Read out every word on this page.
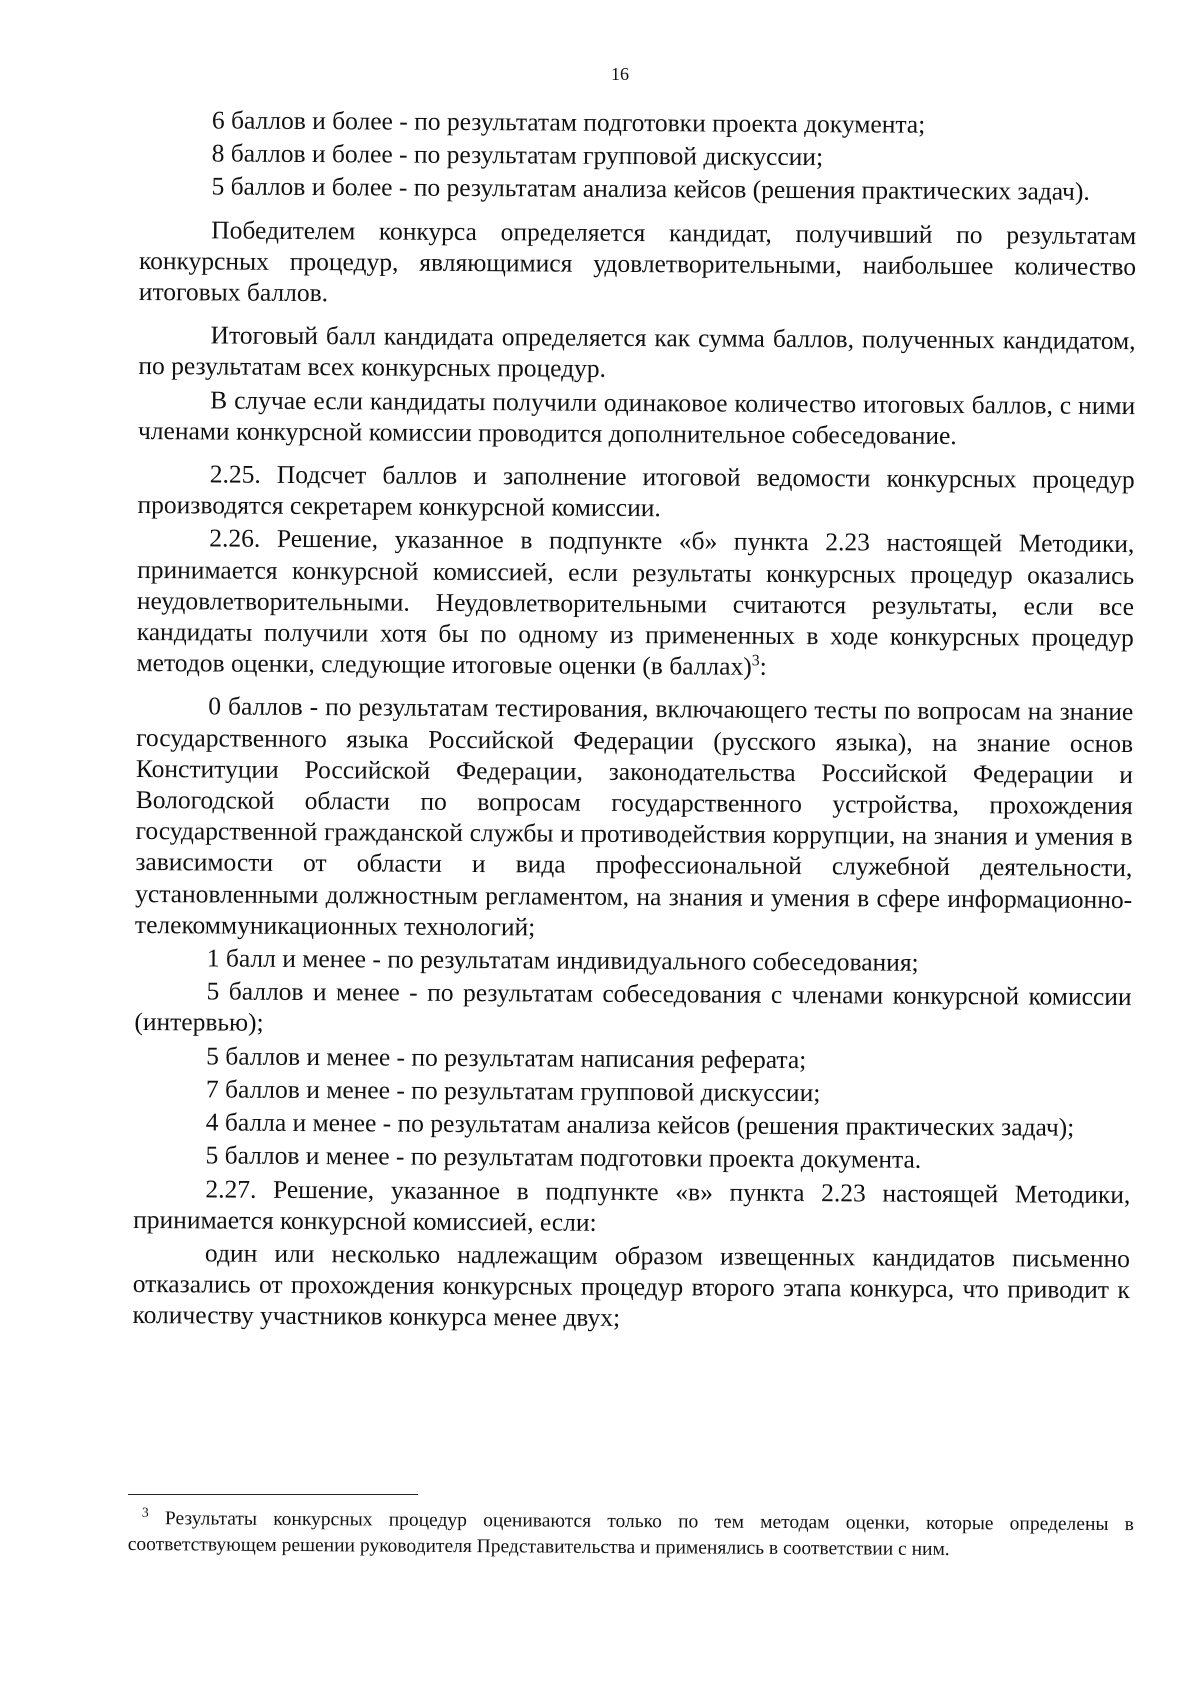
16

6 баллов и более - по результатам подготовки проекта документа;

8 баллов и более - по результатам групповой дискуссии;

5 баллов и более - по результатам анализа кейсов (решения практических задач).

Победителем конкурса определяется кандидат, получивший по результатам конкурсных процедур, являющимися удовлетворительными, наибольшее количество итоговых баллов.

Итоговый балл кандидата определяется как сумма баллов, полученных кандидатом, по результатам всех конкурсных процедур.

В случае если кандидаты получили одинаковое количество итоговых баллов, с ними членами конкурсной комиссии проводится дополнительное собеседование.

2.25. Подсчет баллов и заполнение итоговой ведомости конкурсных процедур производятся секретарем конкурсной комиссии.

2.26. Решение, указанное в подпункте «б» пункта 2.23 настоящей Методики, принимается конкурсной комиссией, если результаты конкурсных процедур оказались неудовлетворительными. Неудовлетворительными считаются результаты, если все кандидаты получили хотя бы по одному из примененных в ходе конкурсных процедур методов оценки, следующие итоговые оценки (в баллах)$^3$:

0 баллов - по результатам тестирования, включающего тесты по вопросам на знание государственного языка Российской Федерации (русского языка), на знание основ Конституции Российской Федерации, законодательства Российской Федерации и Вологодской области по вопросам государственного устройства, прохождения государственной гражданской службы и противодействия коррупции, на знания и умения в зависимости от области и вида профессиональной служебной деятельности, установленными должностным регламентом, на знания и умения в сфере информационно-телекоммуникационных технологий;

1 балл и менее - по результатам индивидуального собеседования;

5 баллов и менее - по результатам собеседования с членами конкурсной комиссии (интервью);

5 баллов и менее - по результатам написания реферата;

7 баллов и менее - по результатам групповой дискуссии;

4 балла и менее - по результатам анализа кейсов (решения практических задач);

5 баллов и менее - по результатам подготовки проекта документа.

2.27. Решение, указанное в подпункте «в» пункта 2.23 настоящей Методики, принимается конкурсной комиссией, если:

один или несколько надлежащим образом извещенных кандидатов письменно отказались от прохождения конкурсных процедур второго этапа конкурса, что приводит к количеству участников конкурса менее двух;

$^3$ Результаты конкурсных процедур оцениваются только по тем методам оценки, которые определены в соответствующем решении руководителя Представительства и применялись в соответствии с ним.
